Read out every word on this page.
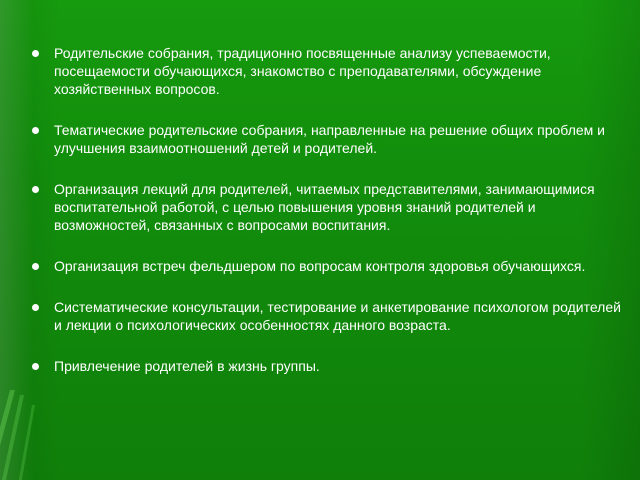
Родительские собрания, традиционно посвященные анализу успеваемости, посещаемости обучающихся, знакомство с преподавателями, обсуждение хозяйственных вопросов.
Тематические родительские собрания, направленные на решение общих проблем и улучшения взаимоотношений детей и родителей.
Организация лекций для родителей, читаемых представителями, занимающимися воспитательной работой, с целью повышения уровня знаний родителей и возможностей, связанных с вопросами воспитания.
Организация встреч фельдшером по вопросам контроля здоровья обучающихся.
Систематические консультации, тестирование и анкетирование психологом родителей и лекции о психологических особенностях данного возраста.
Привлечение родителей в жизнь группы.
